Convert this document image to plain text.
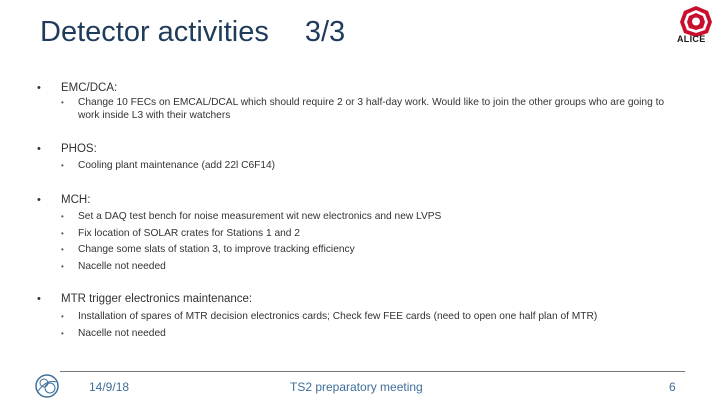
Detector activities 3/3	ALICE
• EMC/DCA:
• Change 10 FECs on EMCAL/DCAL which should require 2 or 3 half-day work. Would like to join the other groups who are going to work inside L3 with their watchers
• PHOS:
• Cooling plant maintenance (add 22l C6F14)
• MCH:
• Set a DAQ test bench for noise measurement wit new electronics and new LVPS
• Fix location of SOLAR crates for Stations 1 and 2
• Change some slats of station 3, to improve tracking efficiency
• Nacelle not needed
• MTR trigger electronics maintenance:
• Installation of spares of MTR decision electronics cards; Check few FEE cards (need to open one half plan of MTR)
• Nacelle not needed
14/9/18	TS2 preparatory meeting	6
